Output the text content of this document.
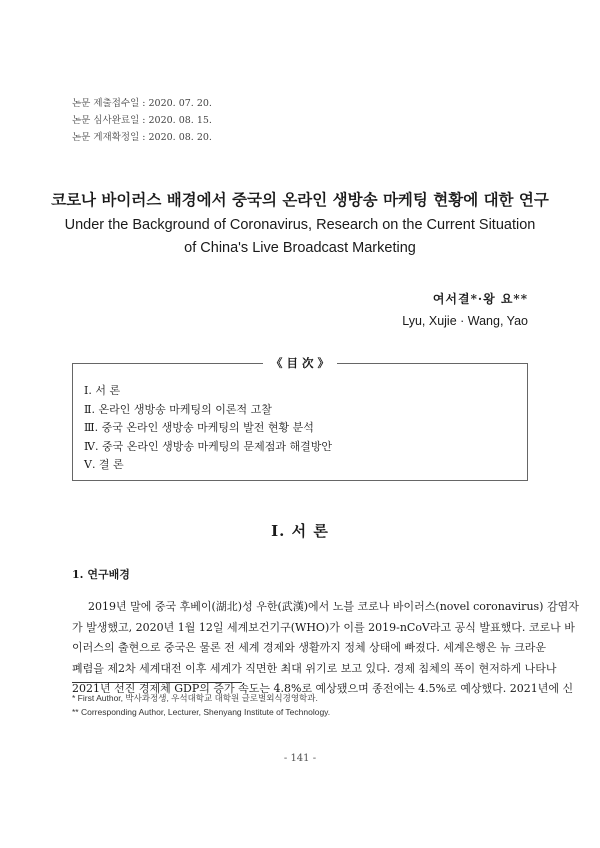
논문 제출접수일 : 2020. 07. 20.
논문 심사완료일 : 2020. 08. 15.
논문 게재확정일 : 2020. 08. 20.
코로나 바이러스 배경에서 중국의 온라인 생방송 마케팅 현황에 대한 연구
Under the Background of Coronavirus, Research on the Current Situation
of China's Live Broadcast Marketing
여서결*·왕 요**
Lyu, Xujie · Wang, Yao
《 目 次 》
Ⅰ. 서 론
Ⅱ. 온라인 생방송 마케팅의 이론적 고찰
Ⅲ. 중국 온라인 생방송 마케팅의 발전 현황 분석
Ⅳ. 중국 온라인 생방송 마케팅의 문제점과 해결방안
Ⅴ. 결 론
Ⅰ. 서 론
1. 연구배경
2019년 말에 중국 후베이(湖北)성 우한(武漢)에서 노블 코로나 바이러스(novel coronavirus) 감염자
가 발생했고, 2020년 1월 12일 세계보건기구(WHO)가 이를 2019-nCoV라고 공식 발표했다. 코로나 바
이러스의 출현으로 중국은 물론 전 세계 경제와 생활까지 정체 상태에 빠졌다. 세계은행은 뉴 크라운
폐렴을 제2차 세계대전 이후 세계가 직면한 최대 위기로 보고 있다. 경제 침체의 폭이 현저하게 나타나
2021년 선진 경제체 GDP의 증가 속도는 4.8%로 예상됐으며 종전에는 4.5%로 예상했다. 2021년에 신
* First Author, 박사과정생, 우석대학교 대학원 글로벌외식경영학과.
** Corresponding Author, Lecturer, Shenyang Institute of Technology.
- 141 -
